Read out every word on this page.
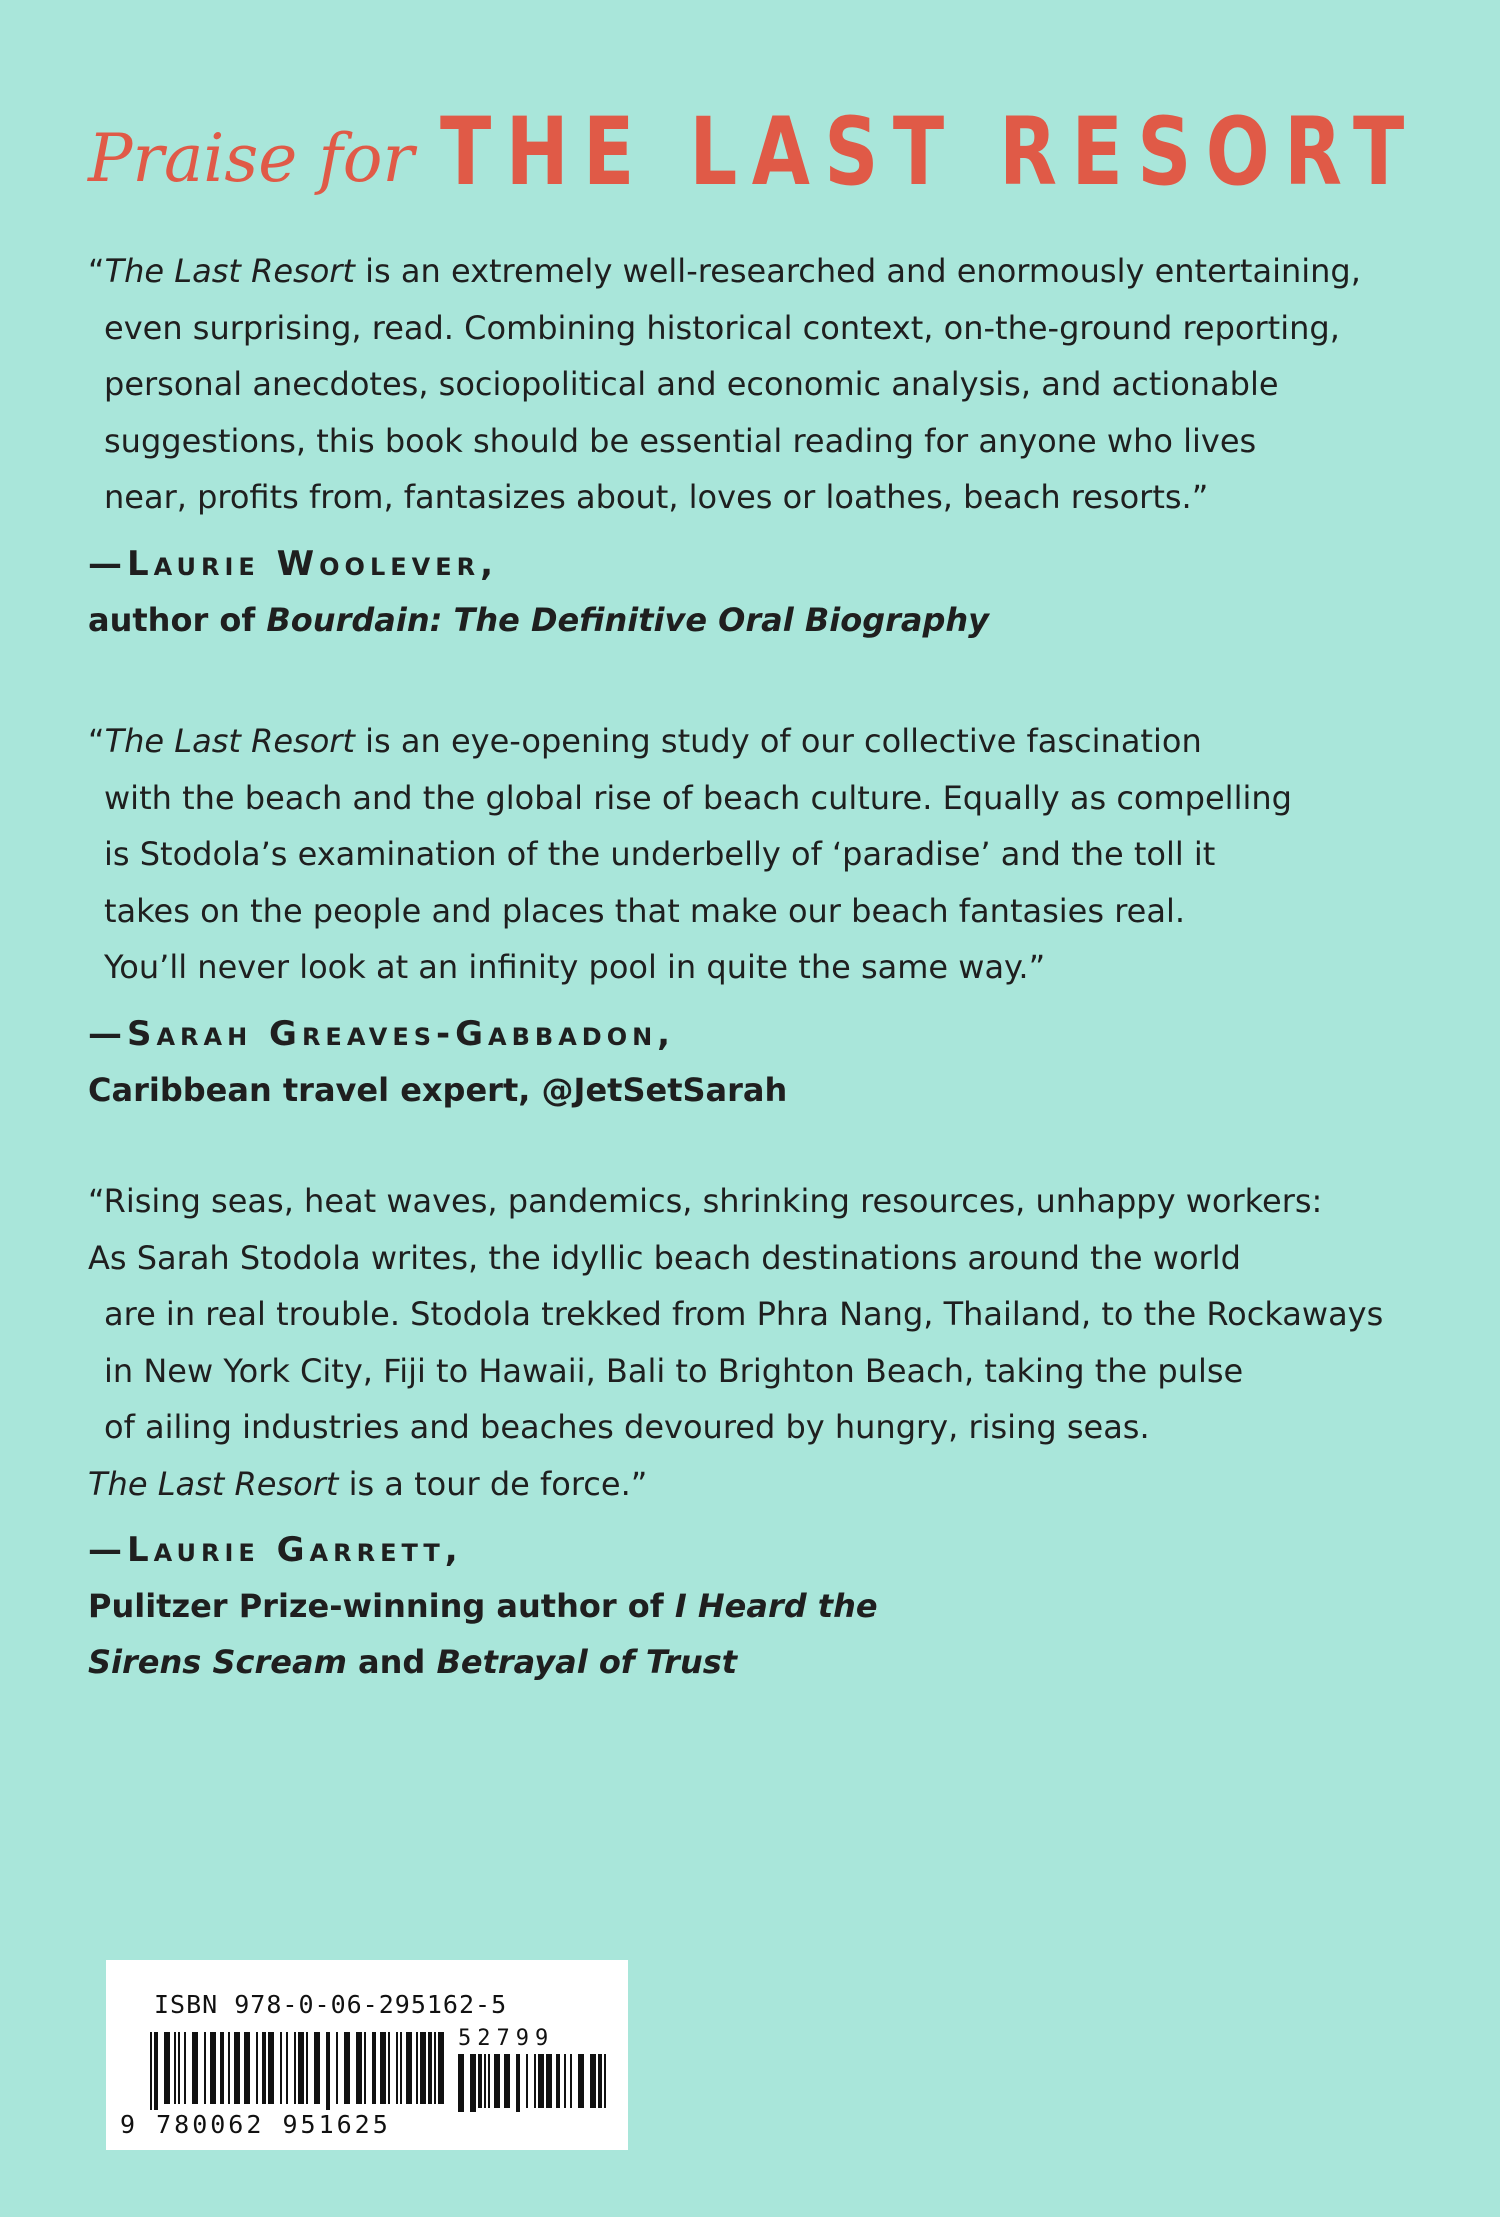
Praise for THE LAST RESORT

“The Last Resort is an extremely well-researched and enormously entertaining,

even surprising, read. Combining historical context, on-the-ground reporting,

personal anecdotes, sociopolitical and economic analysis, and actionable

suggestions, this book should be essential reading for anyone who lives

near, profits from, fantasizes about, loves or loathes, beach resorts.”

—Laurie Woolever,
author of Bourdain: The Definitive Oral Biography

“The Last Resort is an eye-opening study of our collective fascination

with the beach and the global rise of beach culture. Equally as compelling

is Stodola’s examination of the underbelly of ‘paradise’ and the toll it

takes on the people and places that make our beach fantasies real.

You’ll never look at an infinity pool in quite the same way.”

—Sarah Greaves-Gabbadon,
Caribbean travel expert, @JetSetSarah

“Rising seas, heat waves, pandemics, shrinking resources, unhappy workers:

As Sarah Stodola writes, the idyllic beach destinations around the world

are in real trouble. Stodola trekked from Phra Nang, Thailand, to the Rockaways

in New York City, Fiji to Hawaii, Bali to Brighton Beach, taking the pulse

of ailing industries and beaches devoured by hungry, rising seas.

The Last Resort is a tour de force.”

—Laurie Garrett,
Pulitzer Prize-winning author of I Heard the
Sirens Scream and Betrayal of Trust
ISBN 978-0-06-295162-5
52799
9 780062 951625
